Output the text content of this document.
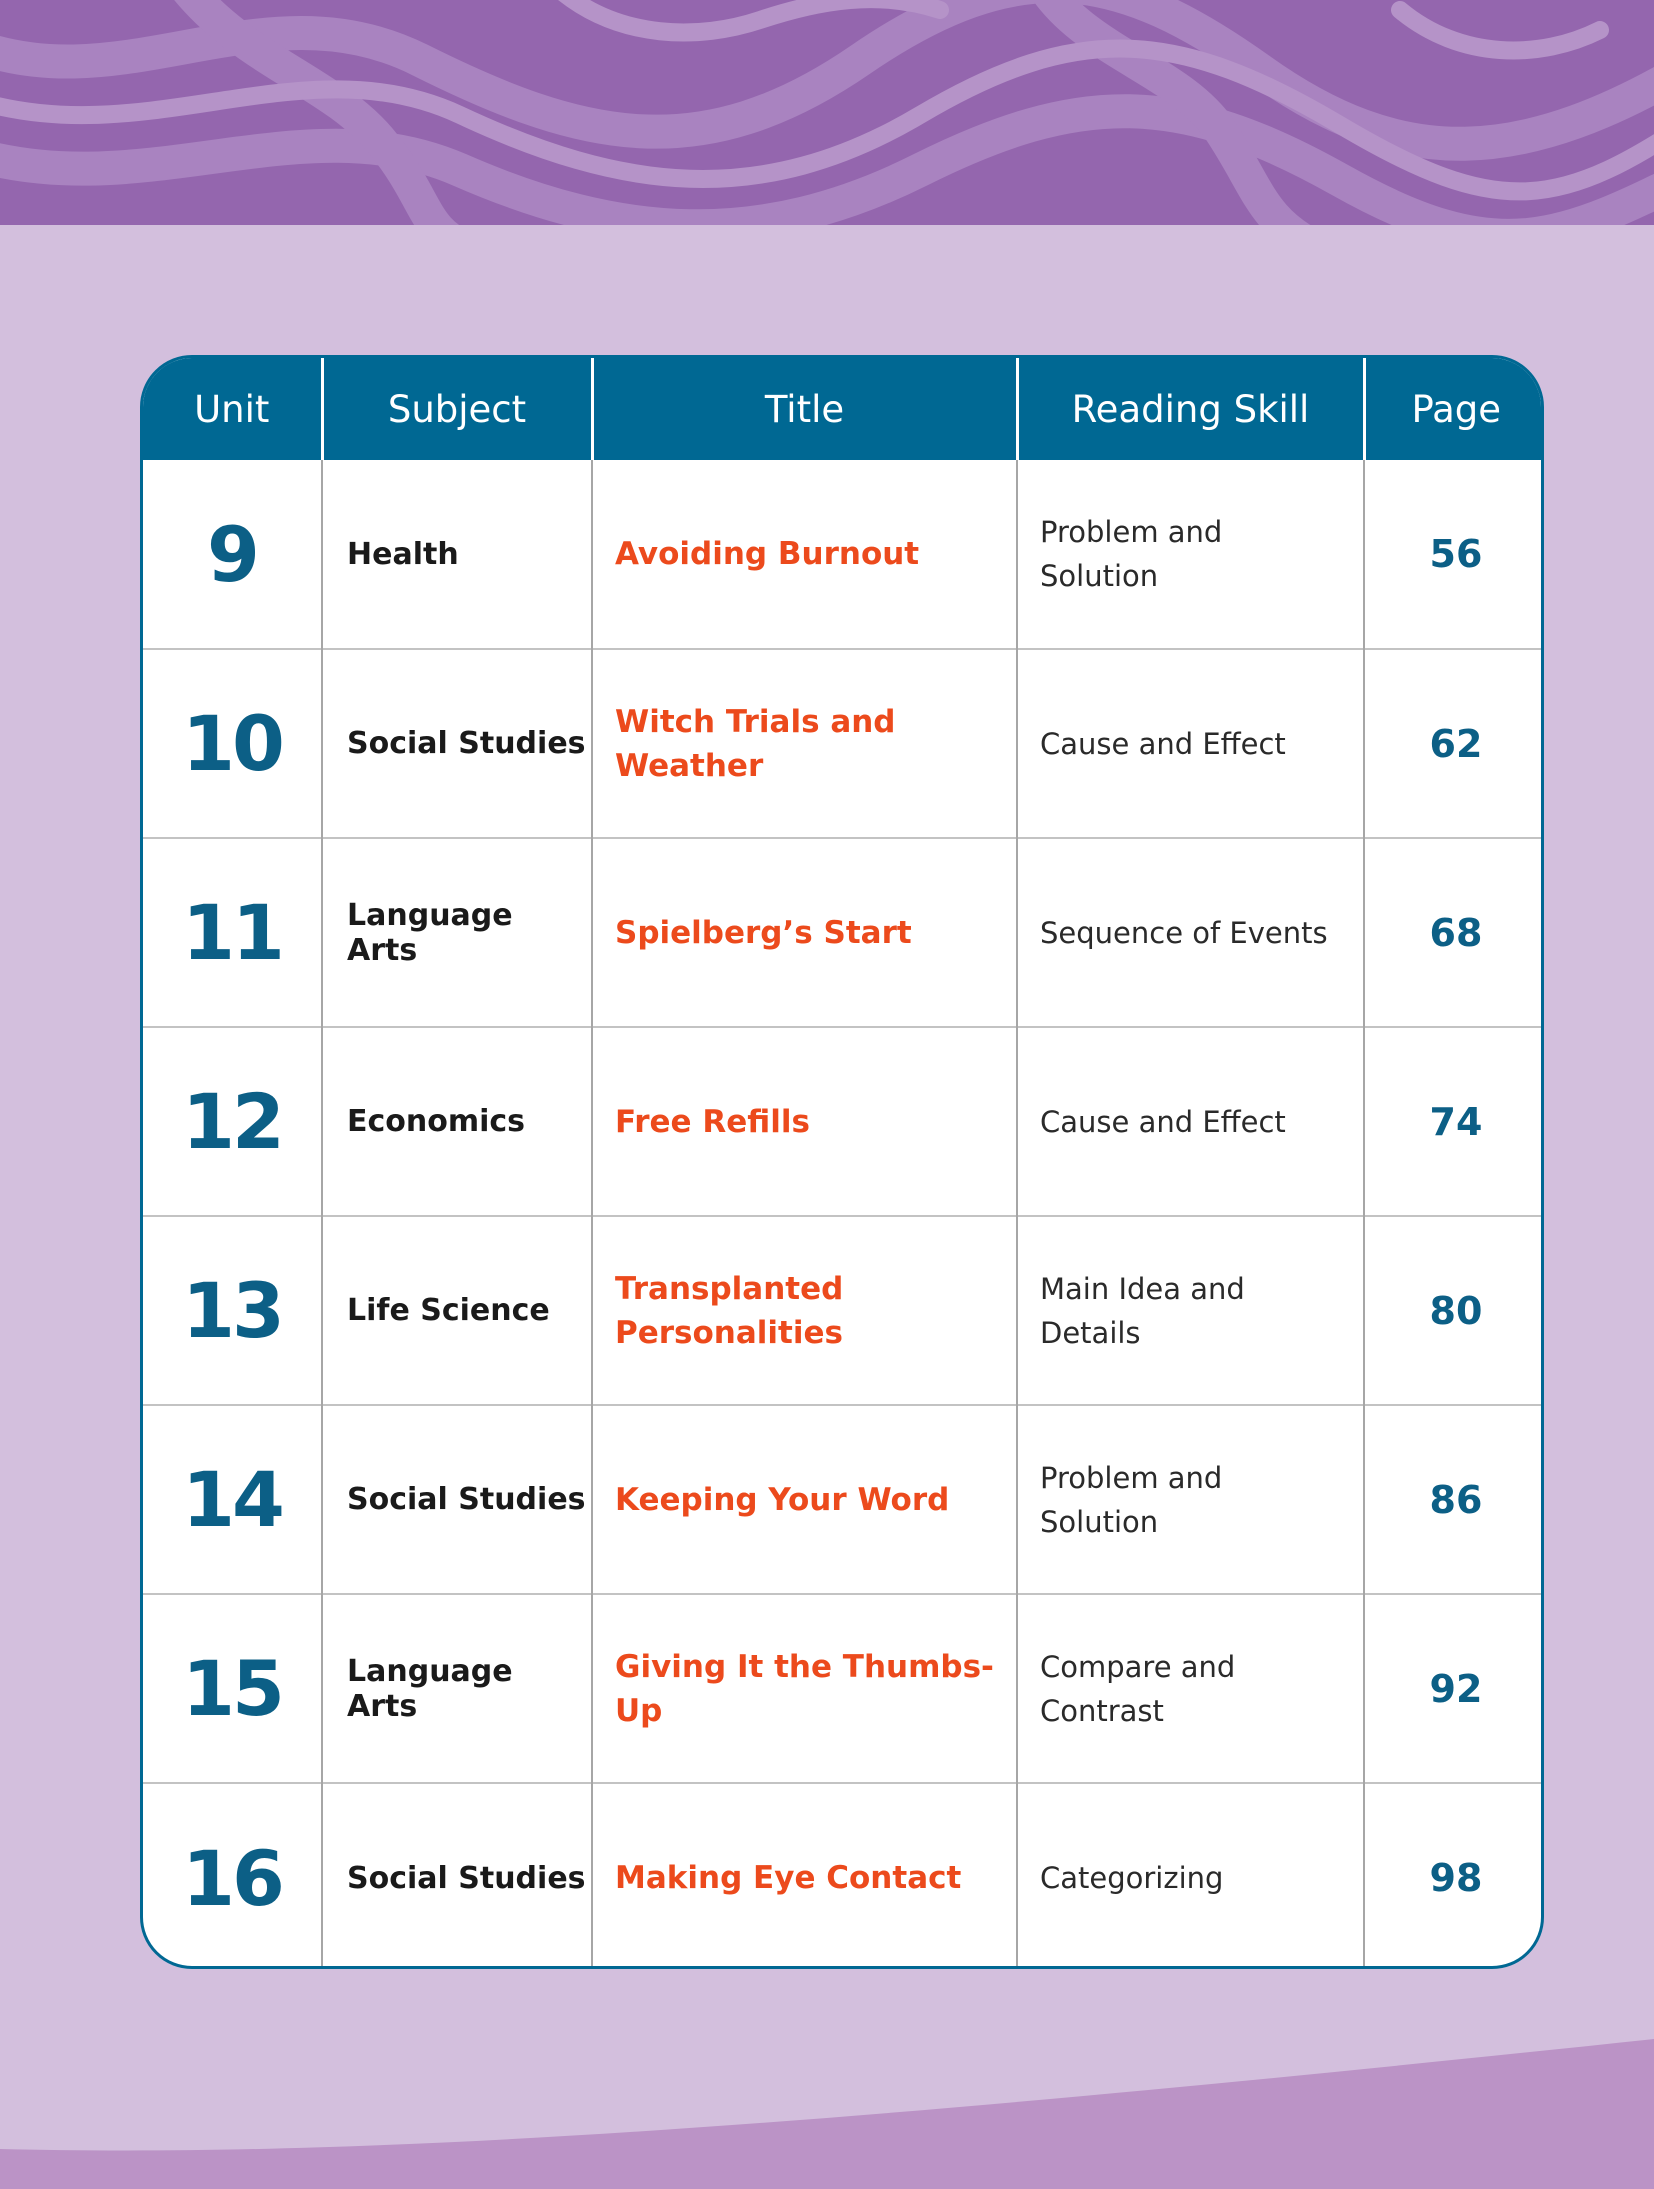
Unit	Subject	Title	Reading Skill	Page
9	Health	Avoiding Burnout	Problem and Solution	56
10	Social Studies	Witch Trials and Weather	Cause and Effect	62
11	Language Arts	Spielberg’s Start	Sequence of Events	68
12	Economics	Free Refills	Cause and Effect	74
13	Life Science	Transplanted Personalities	Main Idea and Details	80
14	Social Studies	Keeping Your Word	Problem and Solution	86
15	Language Arts	Giving It the Thumbs-Up	Compare and Contrast	92
16	Social Studies	Making Eye Contact	Categorizing	98
